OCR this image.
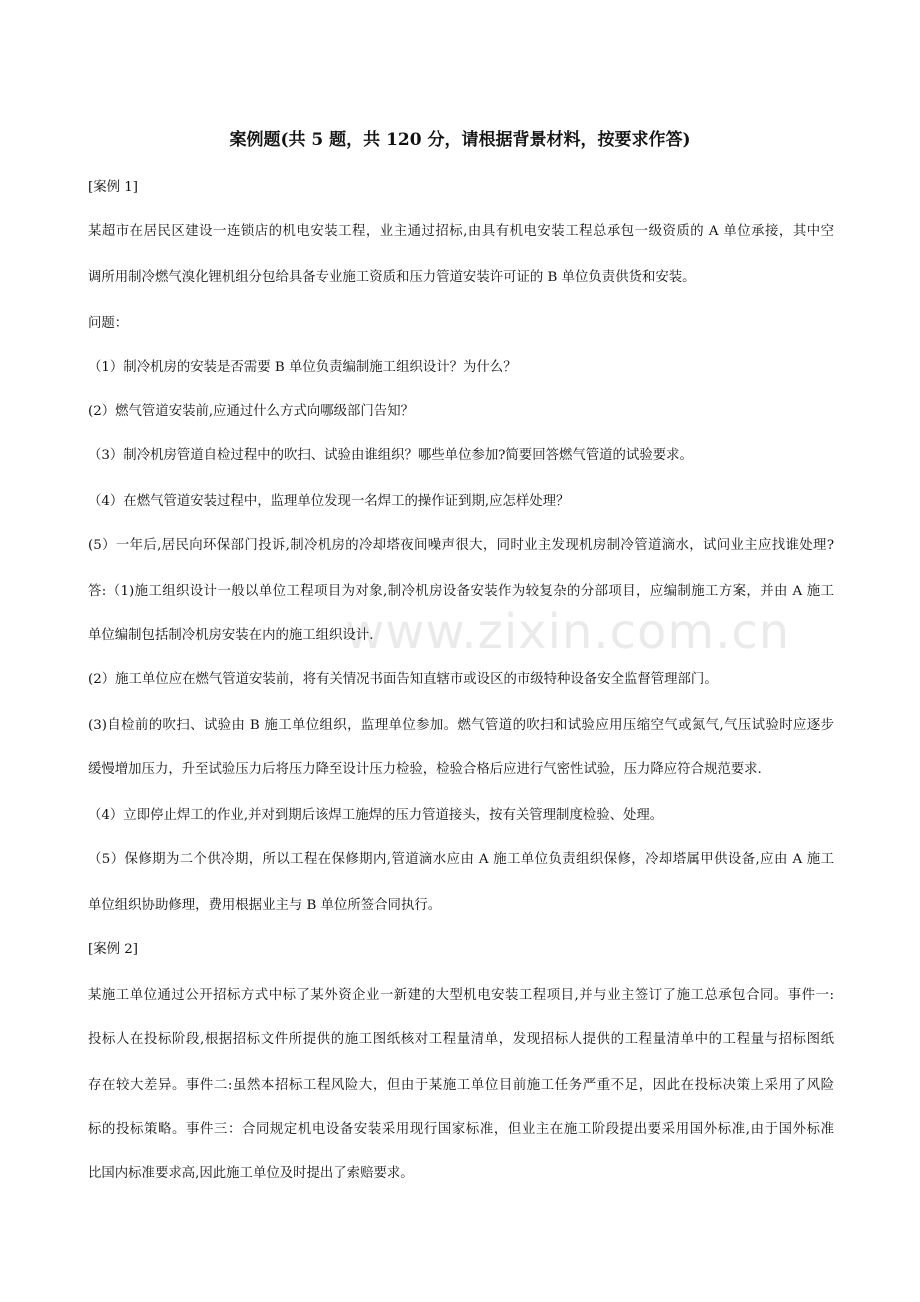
www.zixin.com.cn
案例题(共 5 题，共 120 分，请根据背景材料，按要求作答)
[案例 1]
某超市在居民区建设一连锁店的机电安装工程，业主通过招标,由具有机电安装工程总承包一级资质的 A 单位承接，其中空
调所用制冷燃气溴化锂机组分包给具备专业施工资质和压力管道安装许可证的 B 单位负责供货和安装。
问题：
（1）制冷机房的安装是否需要 B 单位负责编制施工组织设计？为什么？
(2）燃气管道安装前,应通过什么方式向哪级部门告知？
（3）制冷机房管道自检过程中的吹扫、试验由谁组织？哪些单位参加?简要回答燃气管道的试验要求。
（4）在燃气管道安装过程中，监理单位发现一名焊工的操作证到期,应怎样处理？
(5）一年后,居民向环保部门投诉,制冷机房的冷却塔夜间噪声很大，同时业主发现机房制冷管道滴水，试问业主应找谁处理?
答:（1)施工组织设计一般以单位工程项目为对象,制冷机房设备安装作为较复杂的分部项目，应编制施工方案，并由 A 施工
单位编制包括制冷机房安装在内的施工组织设计.
(2）施工单位应在燃气管道安装前，将有关情况书面告知直辖市或设区的市级特种设备安全监督管理部门。
(3)自检前的吹扫、试验由 B 施工单位组织，监理单位参加。燃气管道的吹扫和试验应用压缩空气或氮气,气压试验时应逐步
缓慢增加压力，升至试验压力后将压力降至设计压力检验，检验合格后应进行气密性试验，压力降应符合规范要求.
（4）立即停止焊工的作业,并对到期后该焊工施焊的压力管道接头，按有关管理制度检验、处理。
（5）保修期为二个供冷期，所以工程在保修期内,管道滴水应由 A 施工单位负责组织保修，冷却塔属甲供设备,应由 A 施工
单位组织协助修理，费用根据业主与 B 单位所签合同执行。
[案例 2]
某施工单位通过公开招标方式中标了某外资企业一新建的大型机电安装工程项目,并与业主签订了施工总承包合同。事件一:
投标人在投标阶段,根据招标文件所提供的施工图纸核对工程量清单，发现招标人提供的工程量清单中的工程量与招标图纸
存在较大差异。事件二:虽然本招标工程风险大，但由于某施工单位目前施工任务严重不足，因此在投标决策上采用了风险
标的投标策略。事件三：合同规定机电设备安装采用现行国家标准，但业主在施工阶段提出要采用国外标准,由于国外标准
比国内标准要求高,因此施工单位及时提出了索赔要求。
